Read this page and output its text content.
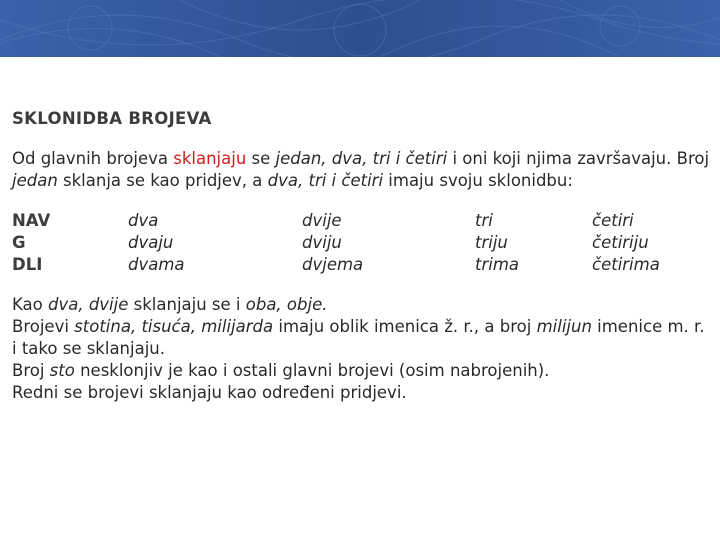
SKLONIDBA BROJEVA

Od glavnih brojeva sklanjaju se jedan, dva, tri i četiri i oni koji njima završavaju. Broj jedan sklanja se kao pridjev, a dva, tri i četiri imaju svoju sklonidbu:

NAV
G
DLI
dva
dvaju
dvama
dvije
dviju
dvjema
tri
triju
trima
četiri
četiriju
četirima

Kao dva, dvije sklanjaju se i oba, obje.

Brojevi stotina, tisuća, milijarda imaju oblik imenica ž. r., a broj milijun imenice m. r. i tako se sklanjaju.

Broj sto nesklonjiv je kao i ostali glavni brojevi (osim nabrojenih).

Redni se brojevi sklanjaju kao određeni pridjevi.
